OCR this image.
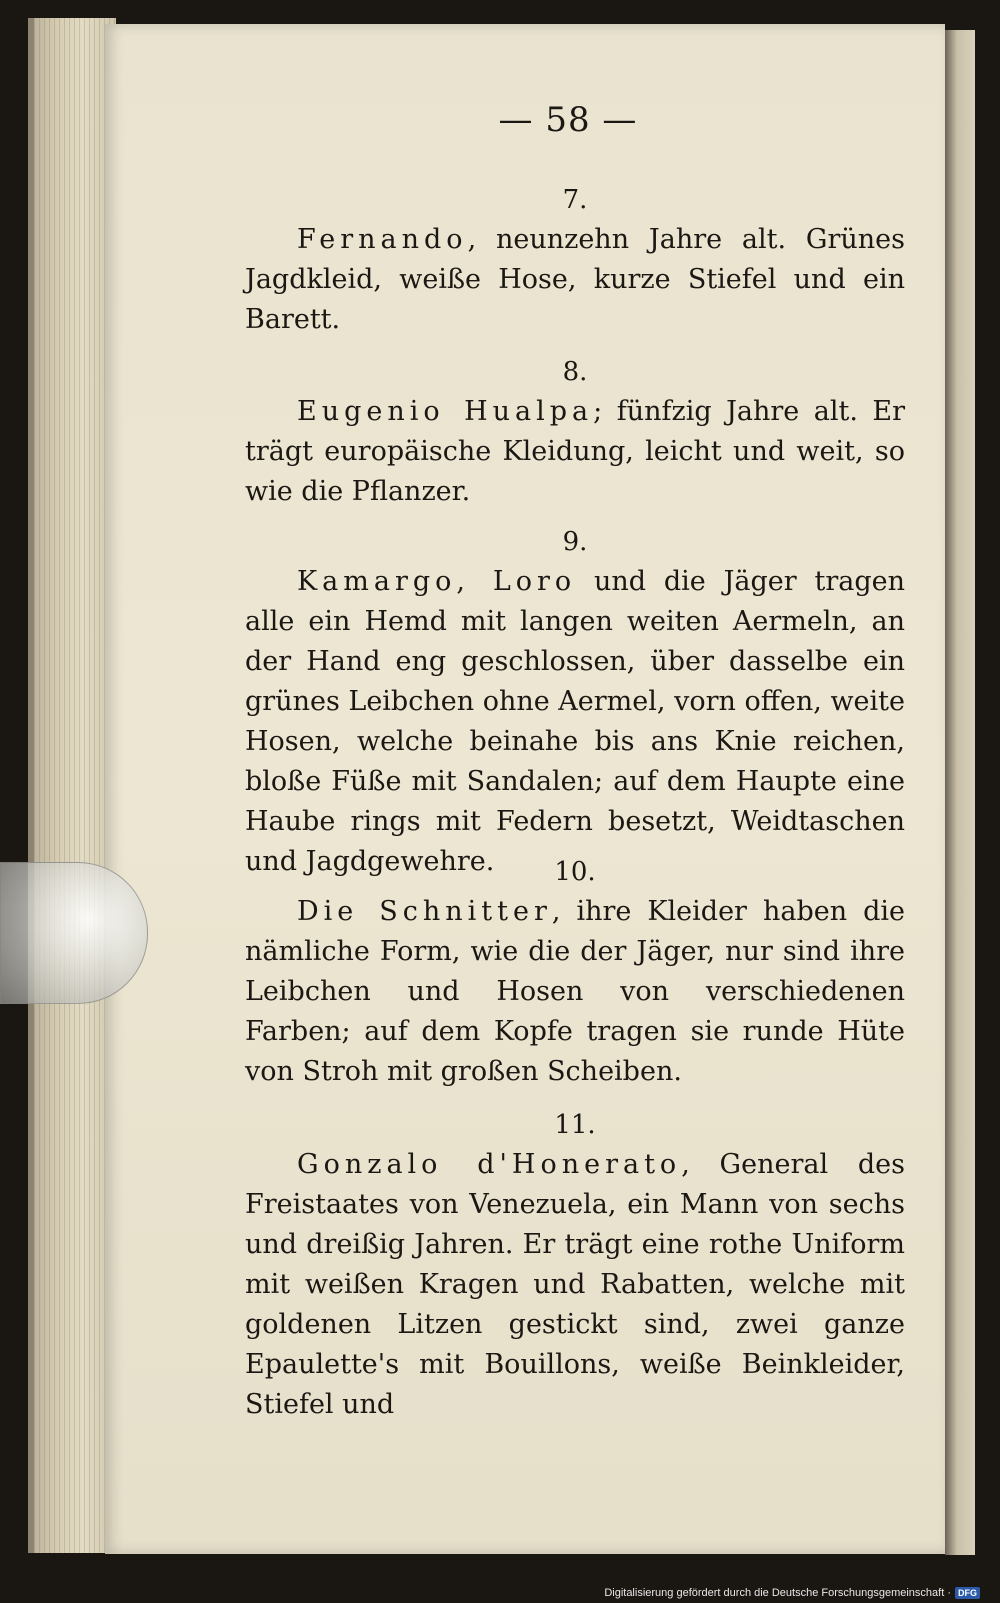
— 58 —
7.
Fernando, neunzehn Jahre alt. Grünes Jagdkleid, weiße Hose, kurze Stiefel und ein Barett.
8.
Eugenio Hualpa; fünfzig Jahre alt. Er trägt europäische Kleidung, leicht und weit, so wie die Pflanzer.
9.
Kamargo, Loro und die Jäger tragen alle ein Hemd mit langen weiten Aermeln, an der Hand eng geschlossen, über dasselbe ein grünes Leibchen ohne Aermel, vorn offen, weite Hosen, welche beinahe bis ans Knie reichen, bloße Füße mit Sandalen; auf dem Haupte eine Haube rings mit Federn besetzt, Weidtaschen und Jagdgewehre.	10.
Die Schnitter, ihre Kleider haben die nämliche Form, wie die der Jäger, nur sind ihre Leibchen und Hosen von verschiedenen Farben; auf dem Kopfe tragen sie runde Hüte von Stroh mit großen Scheiben.
11.
Gonzalo d'Honerato, General des Freistaates von Venezuela, ein Mann von sechs und dreißig Jahren. Er trägt eine rothe Uniform mit weißen Kragen und Rabatten, welche mit goldenen Litzen gestickt sind, zwei ganze Epaulette's mit Bouillons, weiße Beinkleider, Stiefel und
Digitalisierung gefördert durch die Deutsche Forschungsgemeinschaft · DFG
